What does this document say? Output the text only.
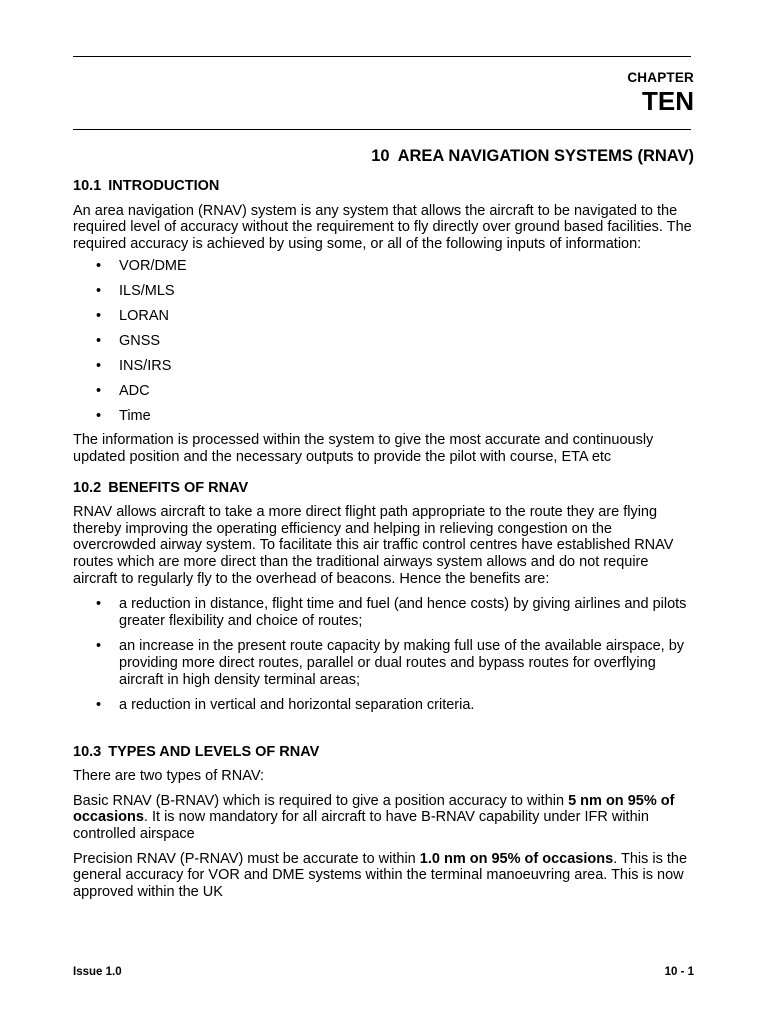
CHAPTER
TEN
10 AREA NAVIGATION SYSTEMS (RNAV)
10.1 INTRODUCTION

An area navigation (RNAV) system is any system that allows the aircraft to be navigated to the required level of accuracy without the requirement to fly directly over ground based facilities. The required accuracy is achieved by using some, or all of the following inputs of information:

• VOR/DME
• ILS/MLS
• LORAN
• GNSS
• INS/IRS
• ADC
• Time

The information is processed within the system to give the most accurate and continuously updated position and the necessary outputs to provide the pilot with course, ETA etc

10.2 BENEFITS OF RNAV

RNAV allows aircraft to take a more direct flight path appropriate to the route they are flying thereby improving the operating efficiency and helping in relieving congestion on the overcrowded airway system. To facilitate this air traffic control centres have established RNAV routes which are more direct than the traditional airways system allows and do not require aircraft to regularly fly to the overhead of beacons. Hence the benefits are:

• a reduction in distance, flight time and fuel (and hence costs) by giving airlines and pilots greater flexibility and choice of routes;
• an increase in the present route capacity by making full use of the available airspace, by providing more direct routes, parallel or dual routes and bypass routes for overflying aircraft in high density terminal areas;
• a reduction in vertical and horizontal separation criteria.
10.3 TYPES AND LEVELS OF RNAV

There are two types of RNAV:

Basic RNAV (B-RNAV) which is required to give a position accuracy to within 5 nm on 95% of occasions. It is now mandatory for all aircraft to have B-RNAV capability under IFR within controlled airspace

Precision RNAV (P-RNAV) must be accurate to within 1.0 nm on 95% of occasions. This is the general accuracy for VOR and DME systems within the terminal manoeuvring area. This is now approved within the UK

Issue 1.0	10 - 1
